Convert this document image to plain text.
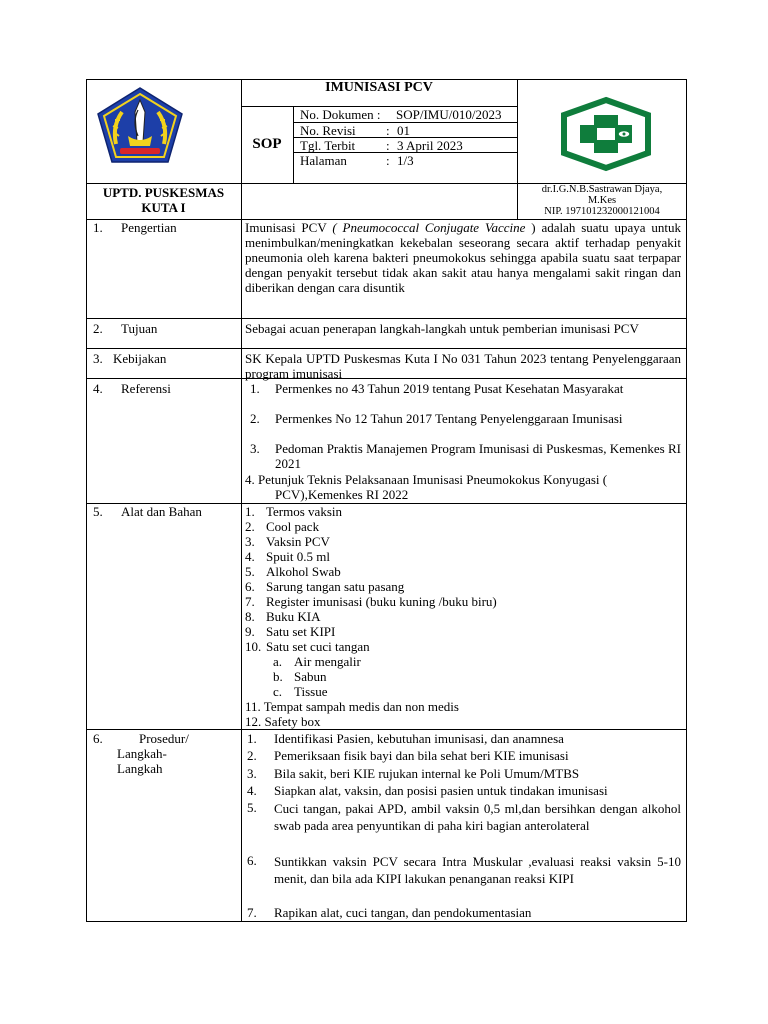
IMUNISASI PCV
SOP
No. Dokumen : SOP/IMU/010/2023
No. Revisi : 01
Tgl. Terbit : 3 April 2023
Halaman	: 1/3
UPTD. PUSKESMAS
KUTA I
dr.I.G.N.B.Sastrawan Djaya,
M.Kes
NIP. 197101232000121004
1. Pengertian	Imunisasi PCV ( Pneumococcal Conjugate Vaccine ) adalah suatu upaya untuk menimbulkan/meningkatkan kekebalan seseorang secara aktif terhadap penyakit pneumonia oleh karena bakteri pneumokokus sehingga apabila suatu saat terpapar dengan penyakit tersebut tidak akan sakit atau hanya mengalami sakit ringan dan diberikan dengan cara disuntik
2. Tujuan	Sebagai acuan penerapan langkah-langkah untuk pemberian imunisasi PCV
3. Kebijakan	SK Kepala UPTD Puskesmas Kuta I No 031 Tahun 2023 tentang Penyelenggaraan program imunisasi
4. Referensi	1. Permenkes no 43 Tahun 2019 tentang Pusat Kesehatan Masyarakat
2. Permenkes No 12 Tahun 2017 Tentang Penyelenggaraan Imunisasi
3. Pedoman Praktis Manajemen Program Imunisasi di Puskesmas, Kemenkes RI 2021
4. Petunjuk Teknis Pelaksanaan Imunisasi Pneumokokus Konyugasi (
PCV),Kemenkes RI 2022
5. Alat dan Bahan	1. Termos vaksin
2. Cool pack
3. Vaksin PCV
4. Spuit 0.5 ml
5. Alkohol Swab
6. Sarung tangan satu pasang
7. Register imunisasi (buku kuning /buku biru)
8. Buku KIA
9. Satu set KIPI
10. Satu set cuci tangan
a. Air mengalir
b. Sabun
c. Tissue
11. Tempat sampah medis dan non medis
12. Safety box
6.	Prosedur/
Langkah-
Langkah
1. Identifikasi Pasien, kebutuhan imunisasi, dan anamnesa
2. Pemeriksaan fisik bayi dan bila sehat beri KIE imunisasi
3. Bila sakit, beri KIE rujukan internal ke Poli Umum/MTBS
4. Siapkan alat, vaksin, dan posisi pasien untuk tindakan imunisasi
5. Cuci tangan, pakai APD, ambil vaksin 0,5 ml,dan bersihkan dengan alkohol swab pada area penyuntikan di paha kiri bagian anterolateral
6. Suntikkan vaksin PCV secara Intra Muskular ,evaluasi reaksi vaksin 5-10 menit, dan bila ada KIPI lakukan penanganan reaksi KIPI
7. Rapikan alat, cuci tangan, dan pendokumentasian
